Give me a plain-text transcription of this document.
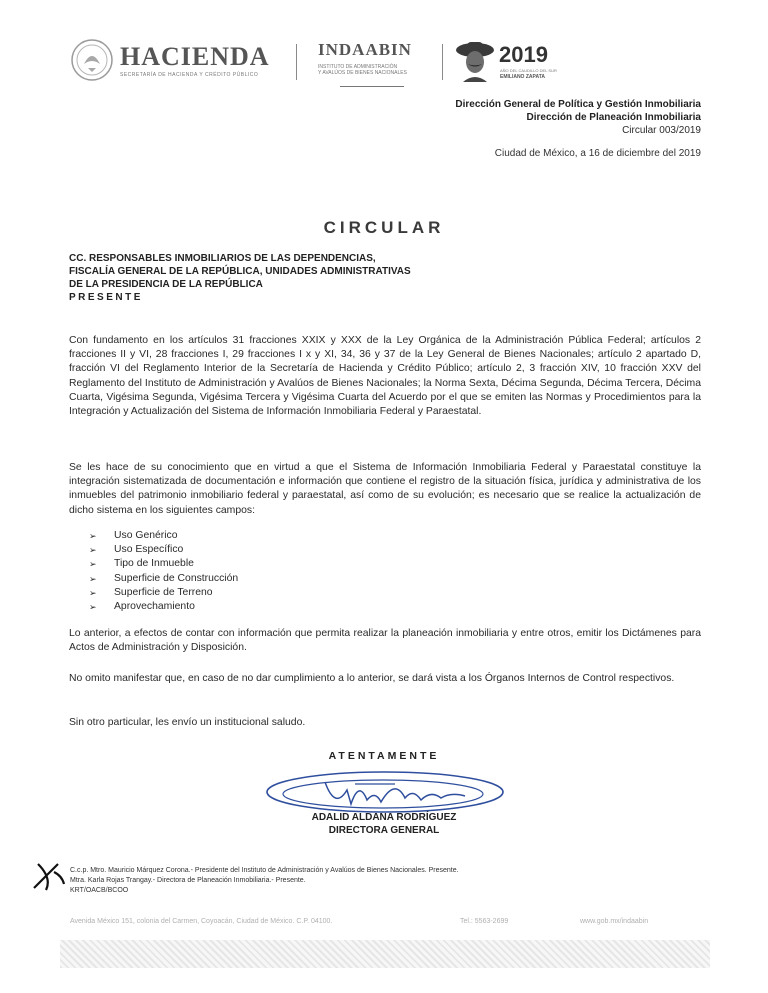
HACIENDA
SECRETARÍA DE HACIENDA Y CRÉDITO PÚBLICO
INDAABIN
INSTITUTO DE ADMINISTRACIÓN
Y AVALÚOS DE BIENES NACIONALES
2019
AÑO DEL CAUDILLO DEL SUR
EMILIANO ZAPATA
Dirección General de Política y Gestión Inmobiliaria
Dirección de Planeación Inmobiliaria
Circular 003/2019
Ciudad de México, a 16 de diciembre del 2019
CIRCULAR
CC. RESPONSABLES INMOBILIARIOS DE LAS DEPENDENCIAS,
FISCALÍA GENERAL DE LA REPÚBLICA, UNIDADES ADMINISTRATIVAS
DE LA PRESIDENCIA DE LA REPÚBLICA
PRESENTE
Con fundamento en los artículos 31 fracciones XXIX y XXX de la Ley Orgánica de la Administración Pública Federal; artículos 2 fracciones II y VI, 28 fracciones I, 29 fracciones I x y XI, 34, 36 y 37 de la Ley General de Bienes Nacionales; artículo 2 apartado D, fracción VI del Reglamento Interior de la Secretaría de Hacienda y Crédito Público; artículo 2, 3 fracción XIV, 10 fracción XXV del Reglamento del Instituto de Administración y Avalúos de Bienes Nacionales; la Norma Sexta, Décima Segunda, Décima Tercera, Décima Cuarta, Vigésima Segunda, Vigésima Tercera y Vigésima Cuarta del Acuerdo por el que se emiten las Normas y Procedimientos para la Integración y Actualización del Sistema de Información Inmobiliaria Federal y Paraestatal.
Se les hace de su conocimiento que en virtud a que el Sistema de Información Inmobiliaria Federal y Paraestatal constituye la integración sistematizada de documentación e información que contiene el registro de la situación física, jurídica y administrativa de los inmuebles del patrimonio inmobiliario federal y paraestatal, así como de su evolución; es necesario que se realice la actualización de dicho sistema en los siguientes campos:
➢ Uso Genérico
➢ Uso Específico
➢ Tipo de Inmueble
➢ Superficie de Construcción
➢ Superficie de Terreno
➢ Aprovechamiento
Lo anterior, a efectos de contar con información que permita realizar la planeación inmobiliaria y entre otros, emitir los Dictámenes para Actos de Administración y Disposición.
No omito manifestar que, en caso de no dar cumplimiento a lo anterior, se dará vista a los Órganos Internos de Control respectivos.
Sin otro particular, les envío un institucional saludo.
ATENTAMENTE
ADALID ALDANA RODRÍGUEZ
DIRECTORA GENERAL
C.c.p. Mtro. Mauricio Márquez Corona.- Presidente del Instituto de Administración y Avalúos de Bienes Nacionales. Presente.
Mtra. Karla Rojas Trangay.- Directora de Planeación Inmobiliaria.- Presente.
KRT/OACB/BCOO
Avenida México 151, colonia del Carmen, Coyoacán, Ciudad de México. C.P. 04100.	Tel.: 5563-2699	www.gob.mx/indaabin
